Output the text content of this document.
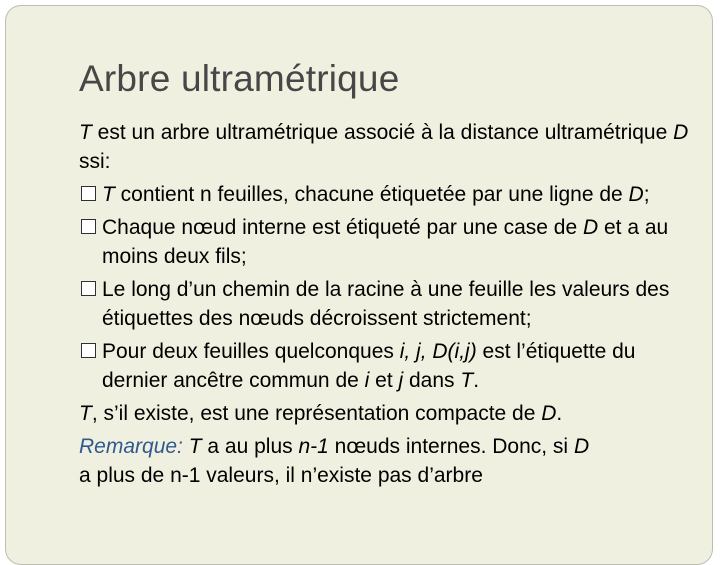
Arbre ultramétrique

T est un arbre ultramétrique associé à la distance ultramétrique D ssi:

T contient n feuilles, chacune étiquetée par une ligne de D;
Chaque nœud interne est étiqueté par une case de D et a au moins deux fils;
Le long d’un chemin de la racine à une feuille les valeurs des étiquettes des nœuds décroissent strictement;
Pour deux feuilles quelconques i, j, D(i,j) est l’étiquette du dernier ancêtre commun de i et j dans T.

T, s’il existe, est une représentation compacte de D.

Remarque: T a au plus n-1 nœuds internes. Donc, si D
a plus de n-1 valeurs, il n’existe pas d’arbre
